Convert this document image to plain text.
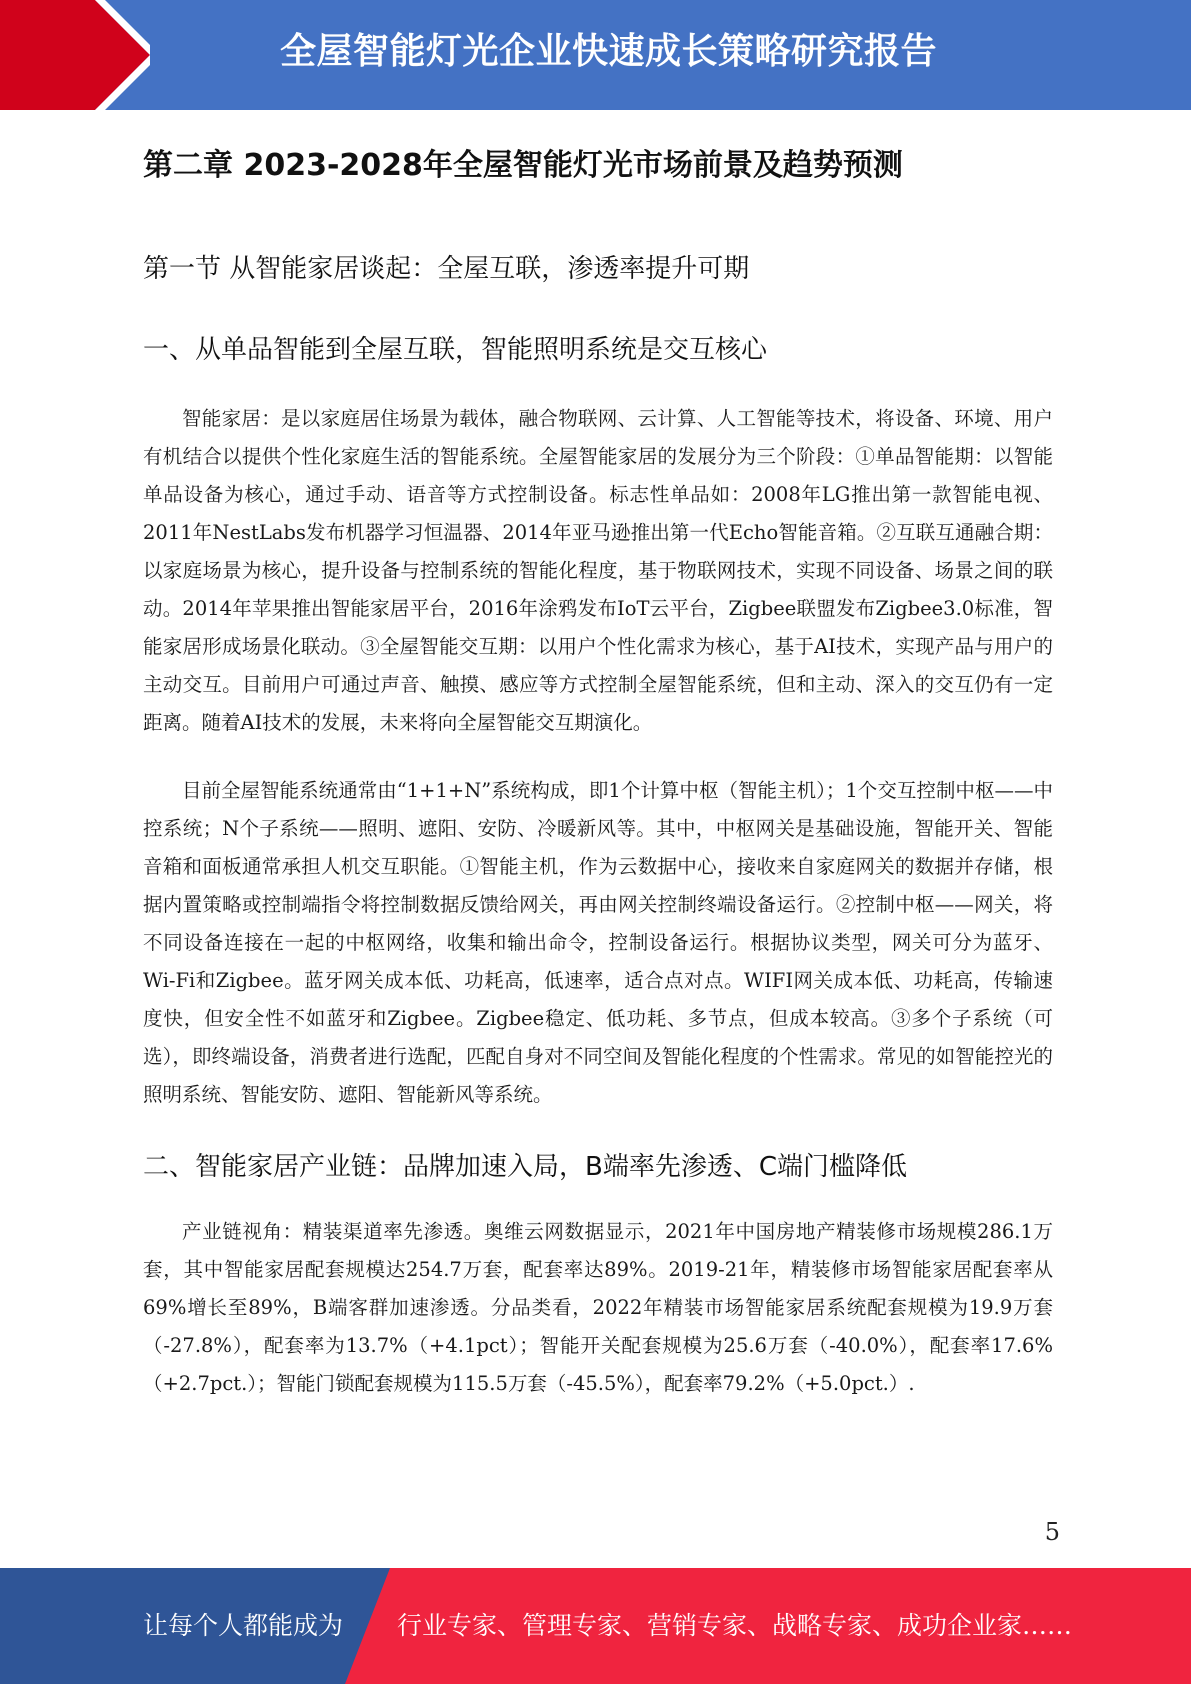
全屋智能灯光企业快速成长策略研究报告
第二章 2023-2028年全屋智能灯光市场前景及趋势预测
第一节 从智能家居谈起：全屋互联，渗透率提升可期
一、从单品智能到全屋互联，智能照明系统是交互核心

智能家居：是以家庭居住场景为载体，融合物联网、云计算、人工智能等技术，将设备、环境、用户有机结合以提供个性化家庭生活的智能系统。全屋智能家居的发展分为三个阶段：①单品智能期：以智能单品设备为核心，通过手动、语音等方式控制设备。标志性单品如：2008年LG推出第一款智能电视、2011年NestLabs发布机器学习恒温器、2014年亚马逊推出第一代Echo智能音箱。②互联互通融合期：以家庭场景为核心，提升设备与控制系统的智能化程度，基于物联网技术，实现不同设备、场景之间的联动。2014年苹果推出智能家居平台，2016年涂鸦发布IoT云平台，Zigbee联盟发布Zigbee3.0标准，智能家居形成场景化联动。③全屋智能交互期：以用户个性化需求为核心，基于AI技术，实现产品与用户的主动交互。目前用户可通过声音、触摸、感应等方式控制全屋智能系统，但和主动、深入的交互仍有一定距离。随着AI技术的发展，未来将向全屋智能交互期演化。

目前全屋智能系统通常由“1+1+N”系统构成，即1个计算中枢（智能主机）；1个交互控制中枢——中控系统；N个子系统——照明、遮阳、安防、冷暖新风等。其中，中枢网关是基础设施，智能开关、智能音箱和面板通常承担人机交互职能。①智能主机，作为云数据中心，接收来自家庭网关的数据并存储，根据内置策略或控制端指令将控制数据反馈给网关，再由网关控制终端设备运行。②控制中枢——网关，将不同设备连接在一起的中枢网络，收集和输出命令，控制设备运行。根据协议类型，网关可分为蓝牙、Wi-Fi和Zigbee。蓝牙网关成本低、功耗高，低速率，适合点对点。WIFI网关成本低、功耗高，传输速度快，但安全性不如蓝牙和Zigbee。Zigbee稳定、低功耗、多节点，但成本较高。③多个子系统（可选），即终端设备，消费者进行选配，匹配自身对不同空间及智能化程度的个性需求。常见的如智能控光的照明系统、智能安防、遮阳、智能新风等系统。

二、智能家居产业链：品牌加速入局，B端率先渗透、C端门槛降低

产业链视角：精装渠道率先渗透。奥维云网数据显示，2021年中国房地产精装修市场规模286.1万套，其中智能家居配套规模达254.7万套，配套率达89%。2019-21年，精装修市场智能家居配套率从69%增长至89%，B端客群加速渗透。分品类看，2022年精装市场智能家居系统配套规模为19.9万套（-27.8%），配套率为13.7%（+4.1pct）；智能开关配套规模为25.6万套（-40.0%），配套率17.6%（+2.7pct.）；智能门锁配套规模为115.5万套（-45.5%），配套率79.2%（+5.0pct.）.

5
让每个人都能成为 行业专家、管理专家、营销专家、战略专家、成功企业家……
